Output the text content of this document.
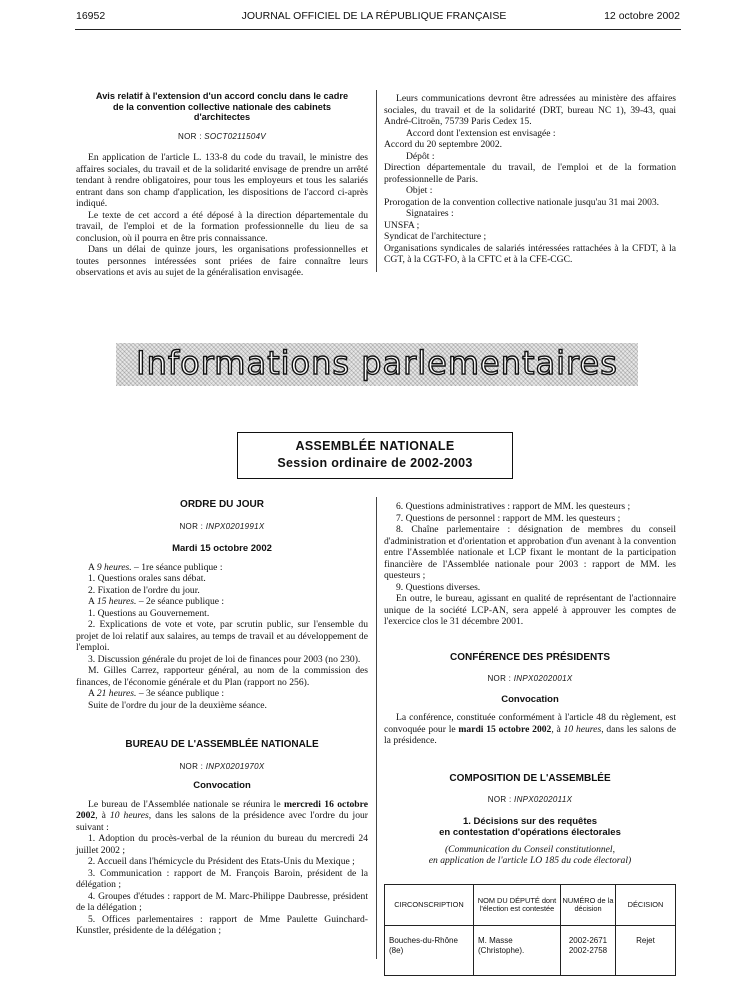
16952	JOURNAL OFFICIEL DE LA RÉPUBLIQUE FRANÇAISE	12 octobre 2002
Avis relatif à l'extension d'un accord conclu dans le cadre
de la convention collective nationale des cabinets
d'architectes
NOR : SOCT0211504V

En application de l'article L. 133-8 du code du travail, le ministre des affaires sociales, du travail et de la solidarité envisage de prendre un arrêté tendant à rendre obligatoires, pour tous les employeurs et tous les salariés entrant dans son champ d'application, les dispositions de l'accord ci-après indiqué.

Le texte de cet accord a été déposé à la direction départementale du travail, de l'emploi et de la formation professionnelle du lieu de sa conclusion, où il pourra en être pris connaissance.

Dans un délai de quinze jours, les organisations professionnelles et toutes personnes intéressées sont priées de faire connaître leurs observations et avis au sujet de la généralisation envisagée.

Leurs communications devront être adressées au ministère des affaires sociales, du travail et de la solidarité (DRT, bureau NC 1), 39-43, quai André-Citroën, 75739 Paris Cedex 15.

Accord dont l'extension est envisagée :

Accord du 20 septembre 2002.

Dépôt :

Direction départementale du travail, de l'emploi et de la formation professionnelle de Paris.

Objet :

Prorogation de la convention collective nationale jusqu'au 31 mai 2003.

Signataires :

UNSFA ;

Syndicat de l'architecture ;

Organisations syndicales de salariés intéressées rattachées à la CFDT, à la CGT, à la CGT-FO, à la CFTC et à la CFE-CGC.

Informations parlementaires
ASSEMBLÉE NATIONALE
Session ordinaire de 2002-2003
ORDRE DU JOUR
NOR : INPX0201991X
Mardi 15 octobre 2002

A 9 heures. – 1re séance publique :

1. Questions orales sans débat.

2. Fixation de l'ordre du jour.

A 15 heures. – 2e séance publique :

1. Questions au Gouvernement.

2. Explications de vote et vote, par scrutin public, sur l'ensemble du projet de loi relatif aux salaires, au temps de travail et au développement de l'emploi.

3. Discussion générale du projet de loi de finances pour 2003 (no 230).

M. Gilles Carrez, rapporteur général, au nom de la commission des finances, de l'économie générale et du Plan (rapport no 256).

A 21 heures. – 3e séance publique :

Suite de l'ordre du jour de la deuxième séance.

BUREAU DE L'ASSEMBLÉE NATIONALE
NOR : INPX0201970X
Convocation

Le bureau de l'Assemblée nationale se réunira le mercredi 16 octobre 2002, à 10 heures, dans les salons de la présidence avec l'ordre du jour suivant :

1. Adoption du procès-verbal de la réunion du bureau du mercredi 24 juillet 2002 ;

2. Accueil dans l'hémicycle du Président des Etats-Unis du Mexique ;

3. Communication : rapport de M. François Baroin, président de la délégation ;

4. Groupes d'études : rapport de M. Marc-Philippe Daubresse, président de la délégation ;

5. Offices parlementaires : rapport de Mme Paulette Guinchard-Kunstler, présidente de la délégation ;

6. Questions administratives : rapport de MM. les questeurs ;

7. Questions de personnel : rapport de MM. les questeurs ;

8. Chaîne parlementaire : désignation de membres du conseil d'administration et d'orientation et approbation d'un avenant à la convention entre l'Assemblée nationale et LCP fixant le montant de la participation financière de l'Assemblée nationale pour 2003 : rapport de MM. les questeurs ;

9. Questions diverses.

En outre, le bureau, agissant en qualité de représentant de l'actionnaire unique de la société LCP-AN, sera appelé à approuver les comptes de l'exercice clos le 31 décembre 2001.

CONFÉRENCE DES PRÉSIDENTS
NOR : INPX0202001X
Convocation

La conférence, constituée conformément à l'article 48 du règlement, est convoquée pour le mardi 15 octobre 2002, à 10 heures, dans les salons de la présidence.

COMPOSITION DE L'ASSEMBLÉE
NOR : INPX0202011X
1. Décisions sur des requêtes
en contestation d'opérations électorales
(Communication du Conseil constitutionnel,
en application de l'article LO 185 du code électoral)
CIRCONSCRIPTION	NOM DU DÉPUTÉ dont l'élection est contestée	NUMÉRO de la décision	DÉCISION
Bouches-du-Rhône (8e)	M. Masse (Christophe).	2002-2671 2002-2758	Rejet
